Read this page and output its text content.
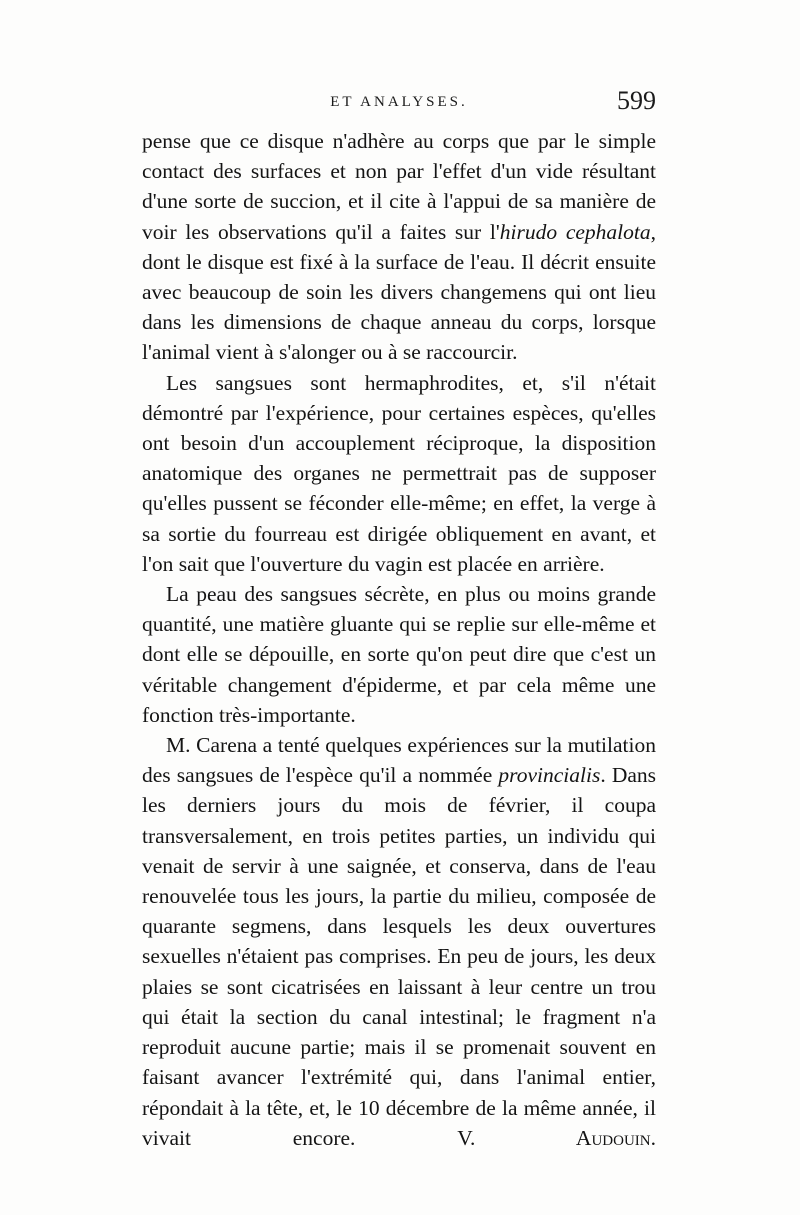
ET ANALYSES.	599

pense que ce disque n'adhère au corps que par le simple contact des surfaces et non par l'effet d'un vide résultant d'une sorte de succion, et il cite à l'appui de sa manière de voir les observations qu'il a faites sur l'hirudo cephalota, dont le disque est fixé à la surface de l'eau. Il décrit ensuite avec beaucoup de soin les divers changemens qui ont lieu dans les dimensions de chaque anneau du corps, lorsque l'animal vient à s'alonger ou à se raccourcir.

Les sangsues sont hermaphrodites, et, s'il n'était démontré par l'expérience, pour certaines espèces, qu'elles ont besoin d'un accouplement réciproque, la disposition anatomique des organes ne permettrait pas de supposer qu'elles pussent se féconder elle-même; en effet, la verge à sa sortie du fourreau est dirigée obliquement en avant, et l'on sait que l'ouverture du vagin est placée en arrière.

La peau des sangsues sécrète, en plus ou moins grande quantité, une matière gluante qui se replie sur elle-même et dont elle se dépouille, en sorte qu'on peut dire que c'est un véritable changement d'épiderme, et par cela même une fonction très-importante.

M. Carena a tenté quelques expériences sur la mutilation des sangsues de l'espèce qu'il a nommée provincialis. Dans les derniers jours du mois de février, il coupa transversalement, en trois petites parties, un individu qui venait de servir à une saignée, et conserva, dans de l'eau renouvelée tous les jours, la partie du milieu, composée de quarante segmens, dans lesquels les deux ouvertures sexuelles n'étaient pas comprises. En peu de jours, les deux plaies se sont cicatrisées en laissant à leur centre un trou qui était la section du canal intestinal; le fragment n'a reproduit aucune partie; mais il se promenait souvent en faisant avancer l'extrémité qui, dans l'animal entier, répondait à la tête, et, le 10 décembre de la même année, il vivait encore.	V. Audouin.
